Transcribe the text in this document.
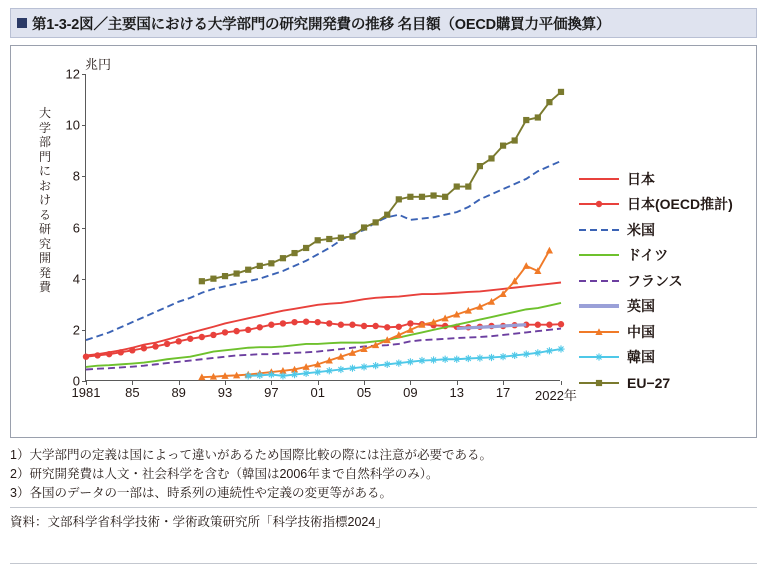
第1-3-2図／主要国における大学部門の研究開発費の推移 名目額（OECD購買力平価換算）
兆円
大
学
部
門
に
お
け
る
研
究
開
発
費
0
2
4
6
8
10
12
1981 85 89 93 97 01 05 09 13 17 2022年
日本
日本(OECD推計)
米国
ドイツ
フランス
英国
中国
韓国
EU−27
1）大学部門の定義は国によって違いがあるため国際比較の際には注意が必要である。
2）研究開発費は人文・社会科学を含む（韓国は2006年まで自然科学のみ）。
3）各国のデータの一部は、時系列の連続性や定義の変更等がある。
資料：文部科学省科学技術・学術政策研究所「科学技術指標2024」
